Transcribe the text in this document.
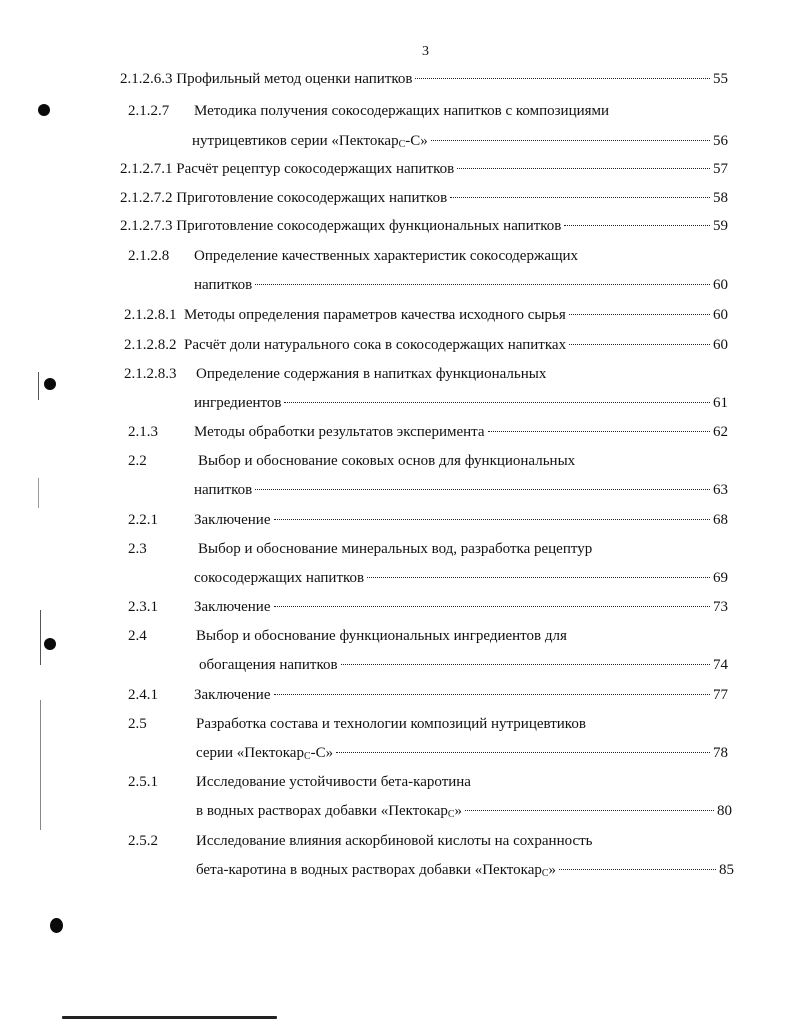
3
2.1.2.6.3 Профильный метод оценки напитков	55
2.1.2.7 Методика получения сокосодержащих напитков с композициями
нутрицевтиков серии «Пектокар$_С$-С»	56
2.1.2.7.1 Расчёт рецептур сокосодержащих напитков	57
2.1.2.7.2 Приготовление сокосодержащих напитков	58
2.1.2.7.3 Приготовление сокосодержащих функциональных напитков	59
2.1.2.8 Определение качественных характеристик сокосодержащих
напитков	60
2.1.2.8.1 Методы определения параметров качества исходного сырья	60
2.1.2.8.2 Расчёт доли натурального сока в сокосодержащих напитках	60
2.1.2.8.3 Определение содержания в напитках функциональных
ингредиентов	61
2.1.3 Методы обработки результатов эксперимента	62
2.2	Выбор и обоснование соковых основ для функциональных
напитков	63
2.2.1 Заключение	68
2.3	Выбор и обоснование минеральных вод, разработка рецептур
сокосодержащих напитков	69
2.3.1 Заключение	73
2.4	Выбор и обоснование функциональных ингредиентов для
обогащения напитков	74
2.4.1 Заключение	77
2.5	Разработка состава и технологии композиций нутрицевтиков
серии «Пектокар$_С$-С»	78
2.5.1	Исследование устойчивости бета-каротина
в водных растворах добавки «Пектокар$_С$»	80
2.5.2	Исследование влияния аскорбиновой кислоты на сохранность
бета-каротина в водных растворах добавки «Пектокар$_С$»	85
